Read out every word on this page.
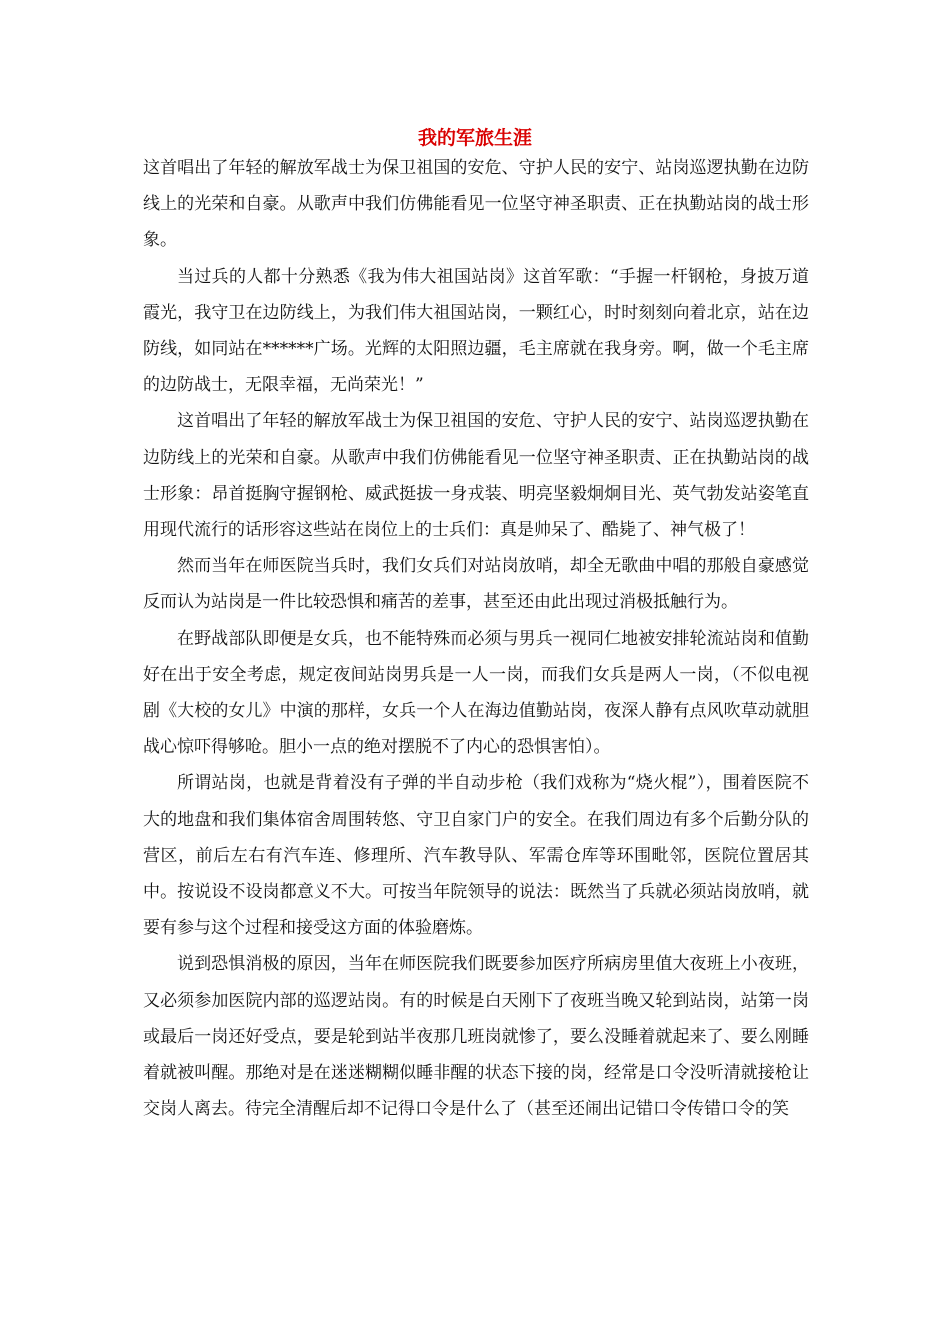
我的军旅生涯

这首唱出了年轻的解放军战士为保卫祖国的安危、守护人民的安宁、站岗巡逻执勤在边防线上的光荣和自豪。从歌声中我们仿佛能看见一位坚守神圣职责、正在执勤站岗的战士形象。

当过兵的人都十分熟悉《我为伟大祖国站岗》这首军歌：“手握一杆钢枪，身披万道霞光，我守卫在边防线上，为我们伟大祖国站岗，一颗红心，时时刻刻向着北京，站在边防线，如同站在******广场。光辉的太阳照边疆，毛主席就在我身旁。啊，做一个毛主席的边防战士，无限幸福，无尚荣光！”

这首唱出了年轻的解放军战士为保卫祖国的安危、守护人民的安宁、站岗巡逻执勤在边防线上的光荣和自豪。从歌声中我们仿佛能看见一位坚守神圣职责、正在执勤站岗的战士形象：昂首挺胸守握钢枪、威武挺拔一身戎装、明亮坚毅炯炯目光、英气勃发站姿笔直用现代流行的话形容这些站在岗位上的士兵们：真是帅呆了、酷毙了、神气极了！

然而当年在师医院当兵时，我们女兵们对站岗放哨，却全无歌曲中唱的那般自豪感觉反而认为站岗是一件比较恐惧和痛苦的差事，甚至还由此出现过消极抵触行为。

在野战部队即便是女兵，也不能特殊而必须与男兵一视同仁地被安排轮流站岗和值勤好在出于安全考虑，规定夜间站岗男兵是一人一岗，而我们女兵是两人一岗，（不似电视剧《大校的女儿》中演的那样，女兵一个人在海边值勤站岗，夜深人静有点风吹草动就胆战心惊吓得够呛。胆小一点的绝对摆脱不了内心的恐惧害怕）。

所谓站岗，也就是背着没有子弹的半自动步枪（我们戏称为“烧火棍”），围着医院不大的地盘和我们集体宿舍周围转悠、守卫自家门户的安全。在我们周边有多个后勤分队的营区，前后左右有汽车连、修理所、汽车教导队、军需仓库等环围毗邻，医院位置居其中。按说设不设岗都意义不大。可按当年院领导的说法：既然当了兵就必须站岗放哨，就要有参与这个过程和接受这方面的体验磨炼。

说到恐惧消极的原因，当年在师医院我们既要参加医疗所病房里值大夜班上小夜班，又必须参加医院内部的巡逻站岗。有的时候是白天刚下了夜班当晚又轮到站岗，站第一岗或最后一岗还好受点，要是轮到站半夜那几班岗就惨了，要么没睡着就起来了、要么刚睡着就被叫醒。那绝对是在迷迷糊糊似睡非醒的状态下接的岗，经常是口令没听清就接枪让交岗人离去。待完全清醒后却不记得口令是什么了（甚至还闹出记错口令传错口令的笑
